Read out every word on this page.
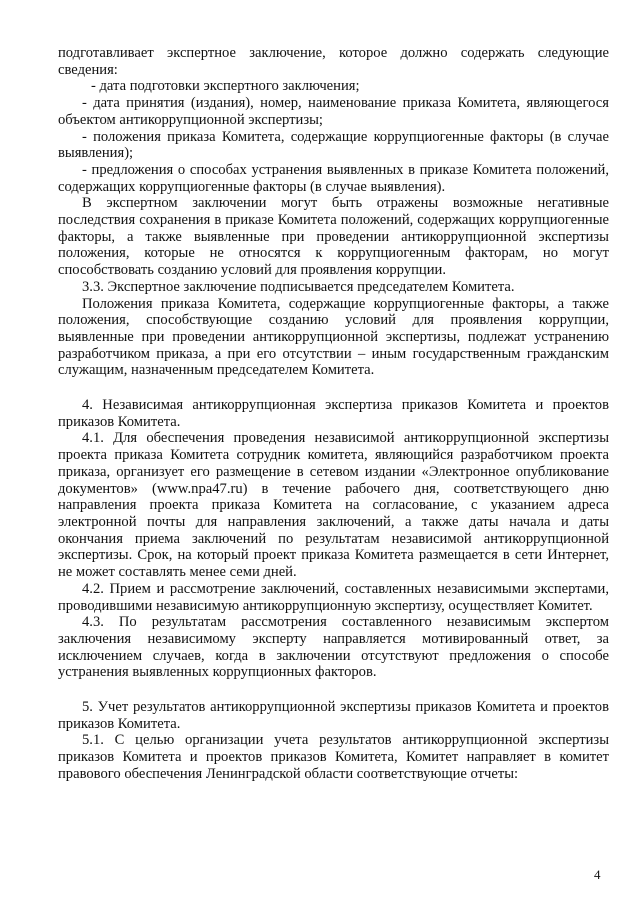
подготавливает экспертное заключение, которое должно содержать следующие сведения:

- дата подготовки экспертного заключения;

- дата принятия (издания), номер, наименование приказа Комитета, являющегося объектом антикоррупционной экспертизы;

- положения приказа Комитета, содержащие коррупциогенные факторы (в случае выявления);

- предложения о способах устранения выявленных в приказе Комитета положений, содержащих коррупциогенные факторы (в случае выявления).

В экспертном заключении могут быть отражены возможные негативные последствия сохранения в приказе Комитета положений, содержащих коррупциогенные факторы, а также выявленные при проведении антикоррупционной экспертизы положения, которые не относятся к коррупциогенным факторам, но могут способствовать созданию условий для проявления коррупции.

3.3. Экспертное заключение подписывается председателем Комитета.

Положения приказа Комитета, содержащие коррупциогенные факторы, а также положения, способствующие созданию условий для проявления коррупции, выявленные при проведении антикоррупционной экспертизы, подлежат устранению разработчиком приказа, а при его отсутствии – иным государственным гражданским служащим, назначенным председателем Комитета.

4. Независимая антикоррупционная экспертиза приказов Комитета и проектов приказов Комитета.

4.1. Для обеспечения проведения независимой антикоррупционной экспертизы проекта приказа Комитета сотрудник комитета, являющийся разработчиком проекта приказа, организует его размещение в сетевом издании «Электронное опубликование документов» (www.npa47.ru) в течение рабочего дня, соответствующего дню направления проекта приказа Комитета на согласование, с указанием адреса электронной почты для направления заключений, а также даты начала и даты окончания приема заключений по результатам независимой антикоррупционной экспертизы. Срок, на который проект приказа Комитета размещается в сети Интернет, не может составлять менее семи дней.

4.2. Прием и рассмотрение заключений, составленных независимыми экспертами, проводившими независимую антикоррупционную экспертизу, осуществляет Комитет.

4.3. По результатам рассмотрения составленного независимым экспертом заключения независимому эксперту направляется мотивированный ответ, за исключением случаев, когда в заключении отсутствуют предложения о способе устранения выявленных коррупционных факторов.

5. Учет результатов антикоррупционной экспертизы приказов Комитета и проектов приказов Комитета.

5.1. С целью организации учета результатов антикоррупционной экспертизы приказов Комитета и проектов приказов Комитета, Комитет направляет в комитет правового обеспечения Ленинградской области соответствующие отчеты:

4
